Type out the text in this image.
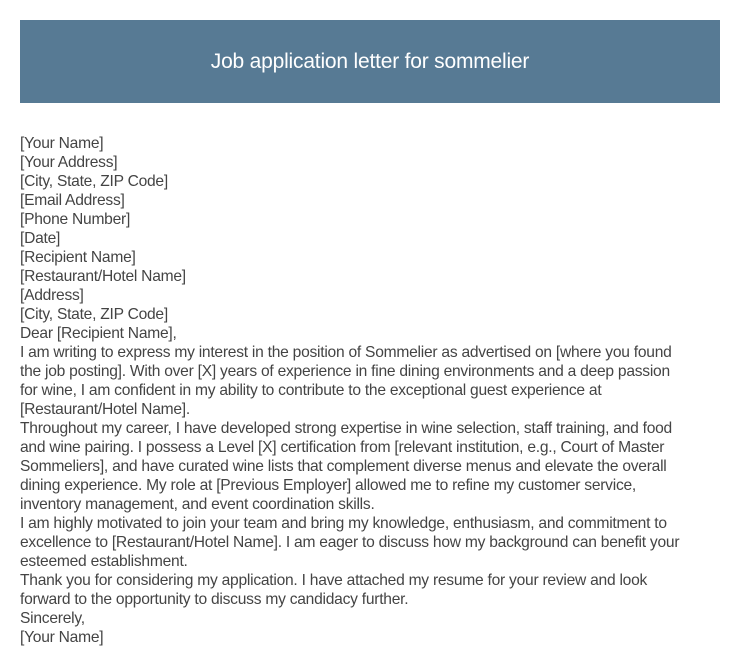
Job application letter for sommelier
[Your Name]
[Your Address]
[City, State, ZIP Code]
[Email Address]
[Phone Number]
[Date]
[Recipient Name]
[Restaurant/Hotel Name]
[Address]
[City, State, ZIP Code]
Dear [Recipient Name],

I am writing to express my interest in the position of Sommelier as advertised on [where you found
the job posting]. With over [X] years of experience in fine dining environments and a deep passion
for wine, I am confident in my ability to contribute to the exceptional guest experience at
[Restaurant/Hotel Name].

Throughout my career, I have developed strong expertise in wine selection, staff training, and food
and wine pairing. I possess a Level [X] certification from [relevant institution, e.g., Court of Master
Sommeliers], and have curated wine lists that complement diverse menus and elevate the overall
dining experience. My role at [Previous Employer] allowed me to refine my customer service,
inventory management, and event coordination skills.

I am highly motivated to join your team and bring my knowledge, enthusiasm, and commitment to
excellence to [Restaurant/Hotel Name]. I am eager to discuss how my background can benefit your
esteemed establishment.

Thank you for considering my application. I have attached my resume for your review and look
forward to the opportunity to discuss my candidacy further.

Sincerely,
[Your Name]
